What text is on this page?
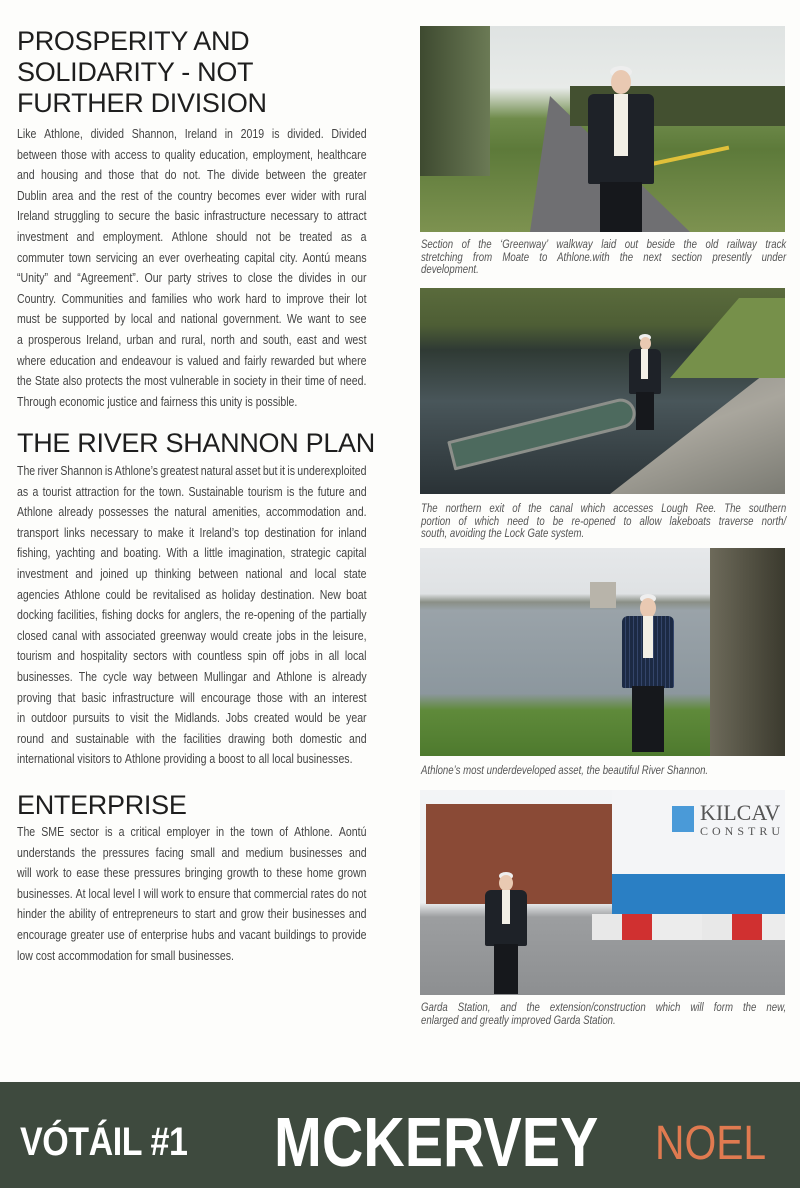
PROSPERITY AND
SOLIDARITY - NOT
FURTHER DIVISION
Like Athlone, divided Shannon, Ireland in 2019 is divided. Divided
between those with access to quality education, employment, healthcare
and housing and those that do not. The divide between the greater
Dublin area and the rest of the country becomes ever wider with rural
Ireland struggling to secure the basic infrastructure necessary to attract
investment and employment. Athlone should not be treated as a
commuter town servicing an ever overheating capital city. Aontú means
“Unity” and “Agreement”. Our party strives to close the divides in our
Country. Communities and families who work hard to improve their lot
must be supported by local and national government. We want to see
a prosperous Ireland, urban and rural, north and south, east and west
where education and endeavour is valued and fairly rewarded but where
the State also protects the most vulnerable in society in their time of need.
Through economic justice and fairness this unity is possible.
THE RIVER SHANNON PLAN
The river Shannon is Athlone’s greatest natural asset but it is underexploited
as a tourist attraction for the town. Sustainable tourism is the future and
Athlone already possesses the natural amenities, accommodation and.
transport links necessary to make it Ireland’s top destination for inland
fishing, yachting and boating. With a little imagination, strategic capital
investment and joined up thinking between national and local state
agencies Athlone could be revitalised as holiday destination. New boat
docking facilities, fishing docks for anglers, the re-opening of the partially
closed canal with associated greenway would create jobs in the leisure,
tourism and hospitality sectors with countless spin off jobs in all local
businesses. The cycle way between Mullingar and Athlone is already
proving that basic infrastructure will encourage those with an interest
in outdoor pursuits to visit the Midlands. Jobs created would be year
round and sustainable with the facilities drawing both domestic and
international visitors to Athlone providing a boost to all local businesses.
ENTERPRISE
The SME sector is a critical employer in the town of Athlone. Aontú
understands the pressures facing small and medium businesses and
will work to ease these pressures bringing growth to these home grown
businesses. At local level I will work to ensure that commercial rates do not
hinder the ability of entrepreneurs to start and grow their businesses and
encourage greater use of enterprise hubs and vacant buildings to provide
low cost accommodation for small businesses.
Section of the ‘Greenway’ walkway laid out beside the old railway track
stretching from Moate to Athlone.with the next section presently under
development.
The northern exit of the canal which accesses Lough Ree. The southern
portion of which need to be re-opened to allow lakeboats traverse north/
south, avoiding the Lock Gate system.
Athlone’s most underdeveloped asset, the beautiful River Shannon.
KILCAV
CONSTRU
Garda Station, and the extension/construction which will form the new,
enlarged and greatly improved Garda Station.
VÓTÁIL #1 MCKERVEY NOEL
